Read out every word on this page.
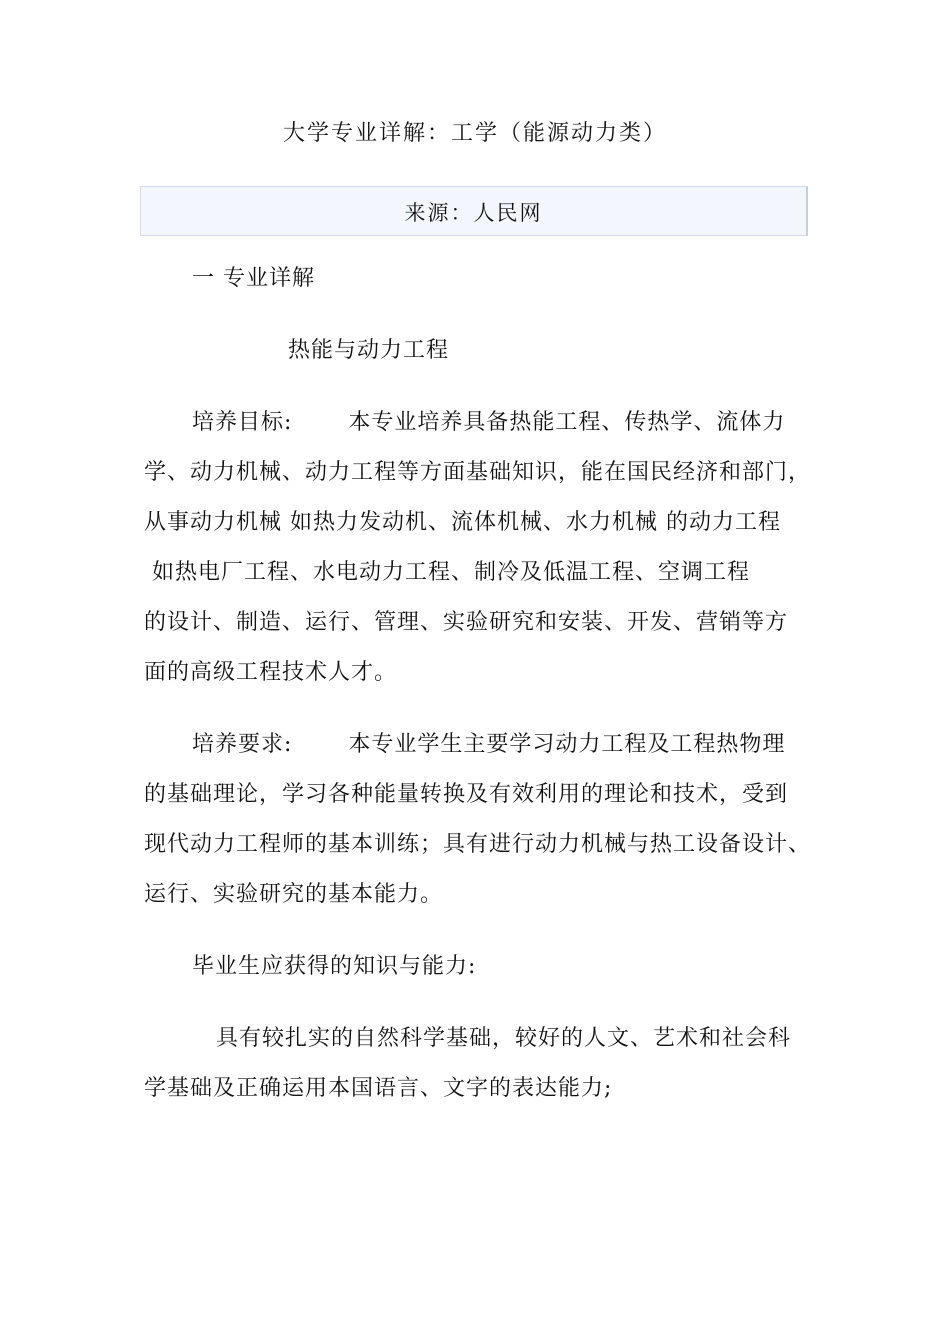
大学专业详解：工学（能源动力类）
来源：人民网
一 专业详解
热能与动力工程
培养目标:	本专业培养具备热能工程、传热学、流体力
学、动力机械、动力工程等方面基础知识，能在国民经济和部门，
从事动力机械 如热力发动机、流体机械、水力机械 的动力工程
如热电厂工程、水电动力工程、制冷及低温工程、空调工程
的设计、制造、运行、管理、实验研究和安装、开发、营销等方
面的高级工程技术人才。
培养要求:	本专业学生主要学习动力工程及工程热物理
的基础理论，学习各种能量转换及有效利用的理论和技术，受到
现代动力工程师的基本训练；具有进行动力机械与热工设备设计、
运行、实验研究的基本能力。
毕业生应获得的知识与能力:
具有较扎实的自然科学基础，较好的人文、艺术和社会科
学基础及正确运用本国语言、文字的表达能力;
